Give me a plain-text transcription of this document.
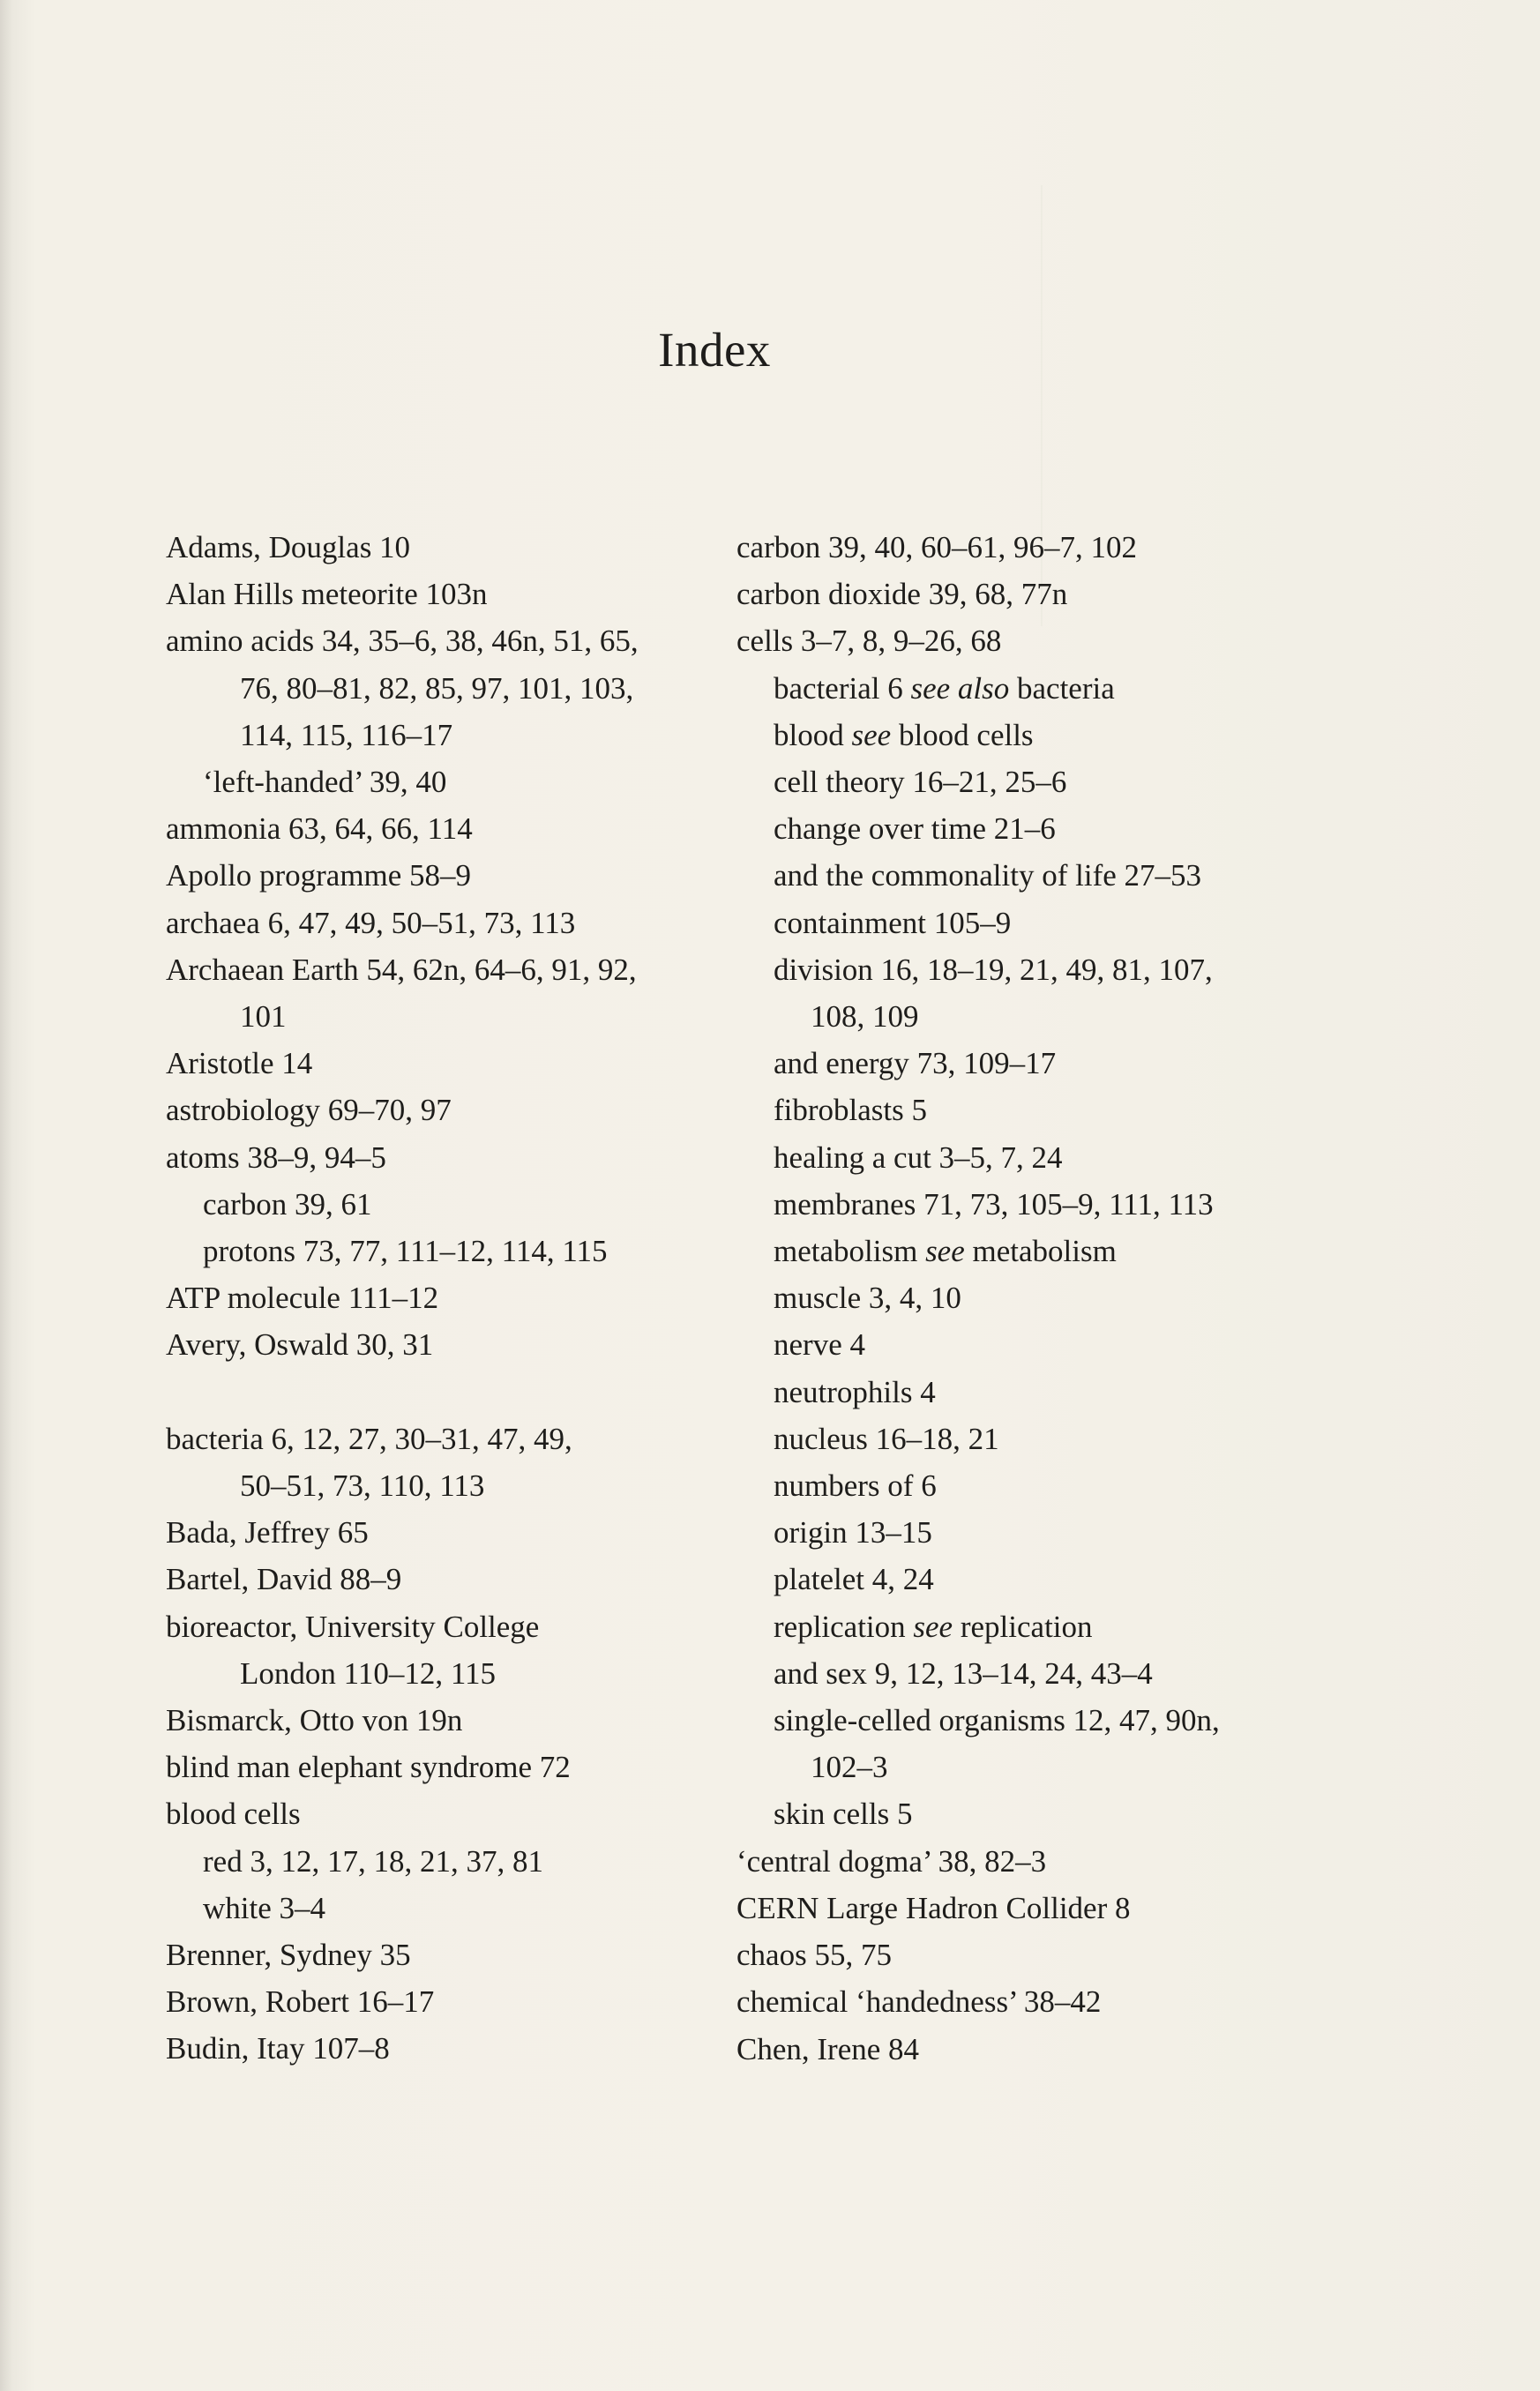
Index
Adams, Douglas 10
Alan Hills meteorite 103n
amino acids 34, 35–6, 38, 46n, 51, 65,
76, 80–81, 82, 85, 97, 101, 103,
114, 115, 116–17
‘left-handed’ 39, 40
ammonia 63, 64, 66, 114
Apollo programme 58–9
archaea 6, 47, 49, 50–51, 73, 113
Archaean Earth 54, 62n, 64–6, 91, 92,
101
Aristotle 14
astrobiology 69–70, 97
atoms 38–9, 94–5
carbon 39, 61
protons 73, 77, 111–12, 114, 115
ATP molecule 111–12
Avery, Oswald 30, 31
bacteria 6, 12, 27, 30–31, 47, 49,
50–51, 73, 110, 113
Bada, Jeffrey 65
Bartel, David 88–9
bioreactor, University College
London 110–12, 115
Bismarck, Otto von 19n
blind man elephant syndrome 72
blood cells
red 3, 12, 17, 18, 21, 37, 81
white 3–4
Brenner, Sydney 35
Brown, Robert 16–17
Budin, Itay 107–8
carbon 39, 40, 60–61, 96–7, 102
carbon dioxide 39, 68, 77n
cells 3–7, 8, 9–26, 68
bacterial 6 see also bacteria
blood see blood cells
cell theory 16–21, 25–6
change over time 21–6
and the commonality of life 27–53
containment 105–9
division 16, 18–19, 21, 49, 81, 107,
108, 109
and energy 73, 109–17
fibroblasts 5
healing a cut 3–5, 7, 24
membranes 71, 73, 105–9, 111, 113
metabolism see metabolism
muscle 3, 4, 10
nerve 4
neutrophils 4
nucleus 16–18, 21
numbers of 6
origin 13–15
platelet 4, 24
replication see replication
and sex 9, 12, 13–14, 24, 43–4
single-celled organisms 12, 47, 90n,
102–3
skin cells 5
‘central dogma’ 38, 82–3
CERN Large Hadron Collider 8
chaos 55, 75
chemical ‘handedness’ 38–42
Chen, Irene 84
